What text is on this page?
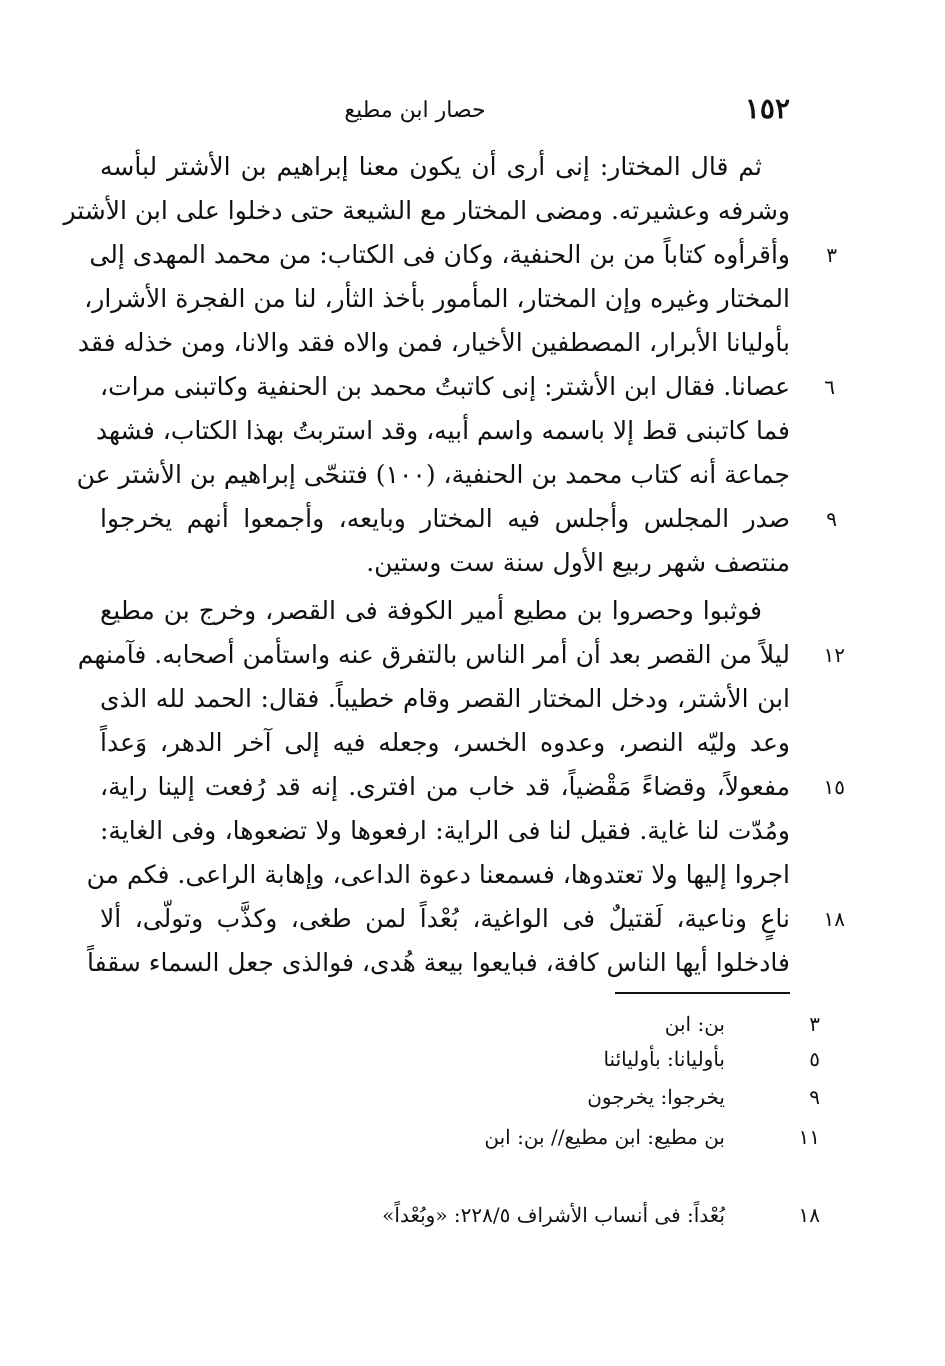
١٥٢
حصار ابن مطيع
ثم قال المختار: إنى أرى أن يكون معنا إبراهيم بن الأشتر لبأسه
وشرفه وعشيرته. ومضى المختار مع الشيعة حتى دخلوا على ابن الأشتر
وأقرأوه كتاباً من بن الحنفية، وكان فى الكتاب: من محمد المهدى إلى
المختار وغيره وإن المختار، المأمور بأخذ الثأر، لنا من الفجرة الأشرار،
بأوليانا الأبرار، المصطفين الأخيار، فمن والاه فقد والانا، ومن خذله فقد
عصانا. فقال ابن الأشتر: إنى كاتبتُ محمد بن الحنفية وكاتبنى مرات،
فما كاتبنى قط إلا باسمه واسم أبيه، وقد استربتُ بهذا الكتاب، فشهد
جماعة أنه كتاب محمد بن الحنفية، (١٠٠) فتنحّى إبراهيم بن الأشتر عن
صدر المجلس وأجلس فيه المختار وبايعه، وأجمعوا أنهم يخرجوا
منتصف شهر ربيع الأول سنة ست وستين.
فوثبوا وحصروا بن مطيع أمير الكوفة فى القصر، وخرج بن مطيع
ليلاً من القصر بعد أن أمر الناس بالتفرق عنه واستأمن أصحابه. فآمنهم
ابن الأشتر، ودخل المختار القصر وقام خطيباً. فقال: الحمد لله الذى
وعد وليّه النصر، وعدوه الخسر، وجعله فيه إلى آخر الدهر، وَعداً
مفعولاً، وقضاءً مَقْضياً، قد خاب من افترى. إنه قد رُفعت إلينا راية،
ومُدّت لنا غاية. فقيل لنا فى الراية: ارفعوها ولا تضعوها، وفى الغاية:
اجروا إليها ولا تعتدوها، فسمعنا دعوة الداعى، وإهابة الراعى. فكم من
ناعٍ وناعية، لَقتيلٌ فى الواغية، بُعْداً لمن طغى، وكذَّب وتولّى، ألا
فادخلوا أيها الناس كافة، فبايعوا بيعة هُدى، فوالذى جعل السماء سقفاً
٣
٦
٩
١٢
١٥
١٨
٣
بن: ابن
٥
بأوليانا: بأوليائنا
٩
يخرجوا: يخرجون
١١
بن مطيع: ابن مطيع// بن: ابن
١٨
بُعْداً: فى أنساب الأشراف ٢٢٨/٥: «وبُعْداً»
